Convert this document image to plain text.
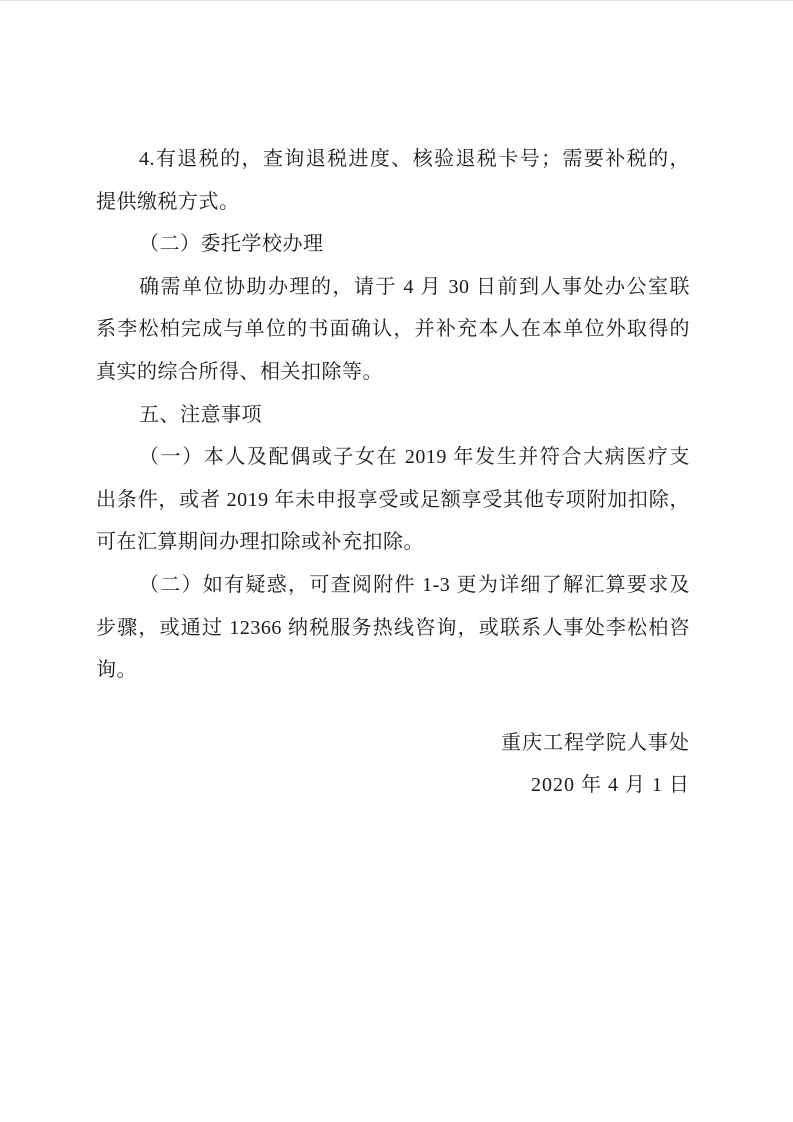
4.有退税的，查询退税进度、核验退税卡号；需要补税的，
提供缴税方式。
（二）委托学校办理
确需单位协助办理的，请于 4 月 30 日前到人事处办公室联
系李松柏完成与单位的书面确认，并补充本人在本单位外取得的
真实的综合所得、相关扣除等。
五、注意事项
（一）本人及配偶或子女在 2019 年发生并符合大病医疗支
出条件，或者 2019 年未申报享受或足额享受其他专项附加扣除，
可在汇算期间办理扣除或补充扣除。
（二）如有疑惑，可查阅附件 1-3 更为详细了解汇算要求及
步骤，或通过 12366 纳税服务热线咨询，或联系人事处李松柏咨
询。
重庆工程学院人事处
2020 年 4 月 1 日
